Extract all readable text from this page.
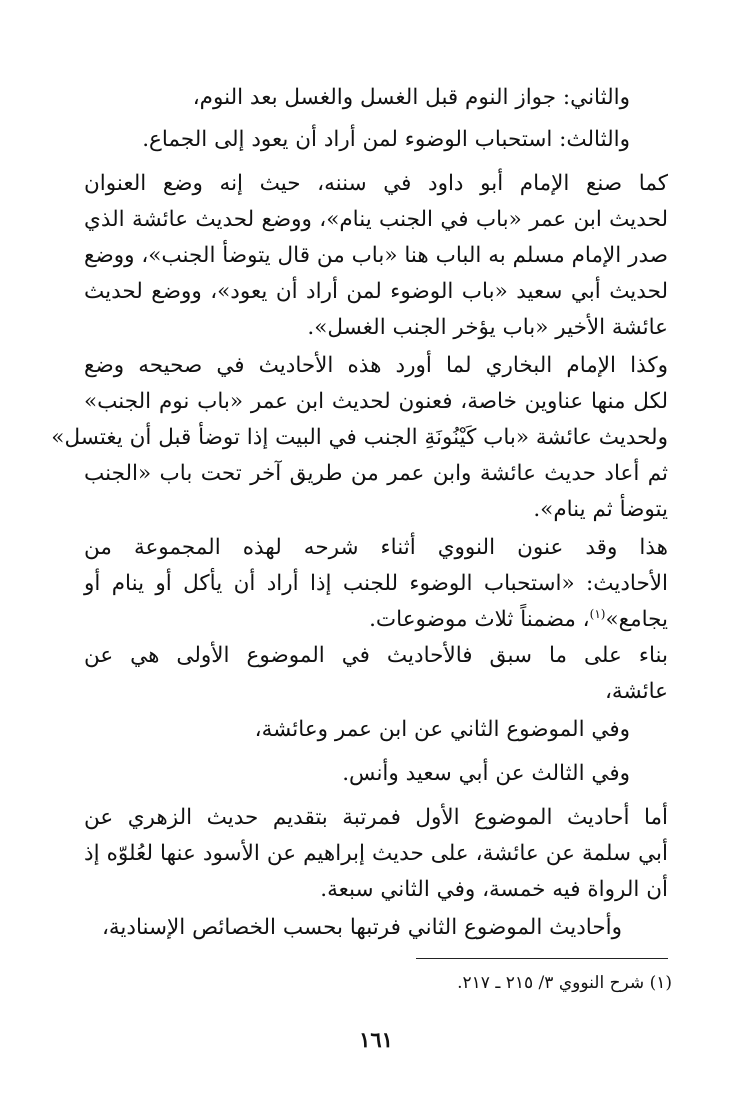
والثاني: جواز النوم قبل الغسل والغسل بعد النوم،
والثالث: استحباب الوضوء لمن أراد أن يعود إلى الجماع.
كما صنع الإمام أبو داود في سننه، حيث إنه وضع العنوان
لحديث ابن عمر «باب في الجنب ينام»، ووضع لحديث عائشة الذي
صدر الإمام مسلم به الباب هنا «باب من قال يتوضأ الجنب»، ووضع
لحديث أبي سعيد «باب الوضوء لمن أراد أن يعود»، ووضع لحديث
عائشة الأخير «باب يؤخر الجنب الغسل».
وكذا الإمام البخاري لما أورد هذه الأحاديث في صحيحه وضع
لكل منها عناوين خاصة، فعنون لحديث ابن عمر «باب نوم الجنب»
ولحديث عائشة «باب كَيْنُونَةِ الجنب في البيت إذا توضأ قبل أن يغتسل»
ثم أعاد حديث عائشة وابن عمر من طريق آخر تحت باب «الجنب
يتوضأ ثم ينام».
هذا وقد عنون النووي أثناء شرحه لهذه المجموعة من
الأحاديث: «استحباب الوضوء للجنب إذا أراد أن يأكل أو ينام أو
يجامع»$^{(١)}$، مضمناً ثلاث موضوعات.
بناء على ما سبق فالأحاديث في الموضوع الأولى هي عن
عائشة،
وفي الموضوع الثاني عن ابن عمر وعائشة،
وفي الثالث عن أبي سعيد وأنس.
أما أحاديث الموضوع الأول فمرتبة بتقديم حديث الزهري عن
أبي سلمة عن عائشة، على حديث إبراهيم عن الأسود عنها لعُلوّه إذ
أن الرواة فيه خمسة، وفي الثاني سبعة.
وأحاديث الموضوع الثاني فرتبها بحسب الخصائص الإسنادية،
(١) شرح النووي ٣/ ٢١٥ ـ ٢١٧.
١٦١
